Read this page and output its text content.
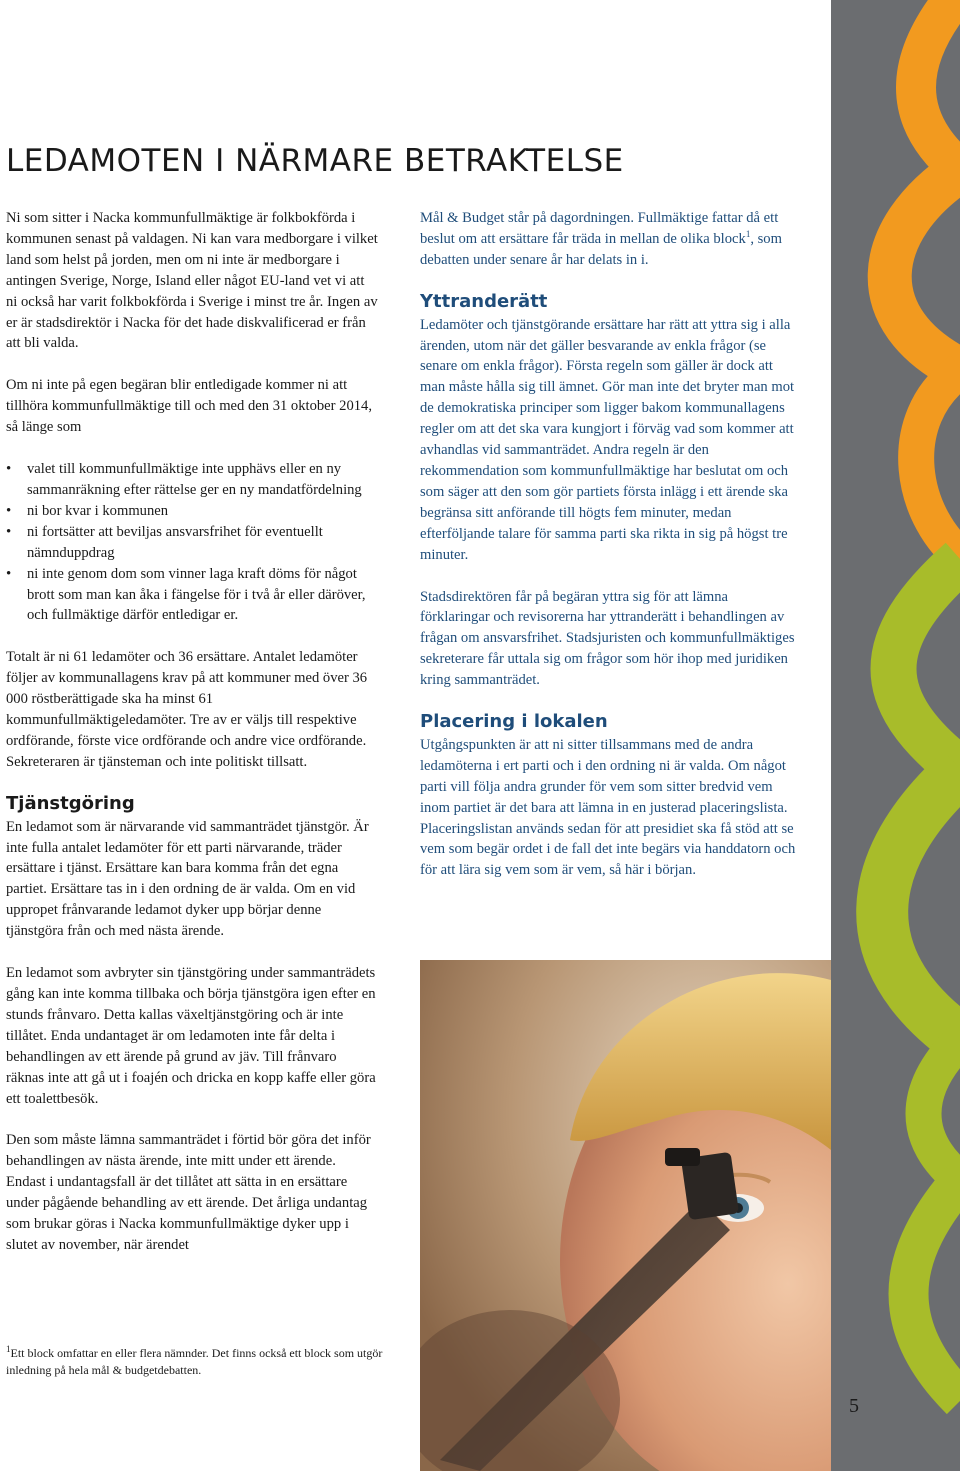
LEDAMOTEN I NÄRMARE BETRAKTELSE

Ni som sitter i Nacka kommunfullmäktige är folkbokförda i kommunen senast på valdagen. Ni kan vara medborgare i vilket land som helst på jorden, men om ni inte är medborgare i antingen Sverige, Norge, Island eller något EU-land vet vi att ni också har varit folkbokförda i Sverige i minst tre år. Ingen av er är stadsdirektör i Nacka för det hade diskvalificerad er från att bli valda.

Om ni inte på egen begäran blir entledigade kommer ni att tillhöra kommunfullmäktige till och med den 31 oktober 2014, så länge som

• valet till kommunfullmäktige inte upphävs eller en ny sammanräkning efter rättelse ger en ny mandatfördelning
• ni bor kvar i kommunen
• ni fortsätter att beviljas ansvarsfrihet för eventuellt nämnduppdrag
• ni inte genom dom som vinner laga kraft döms för något brott som man kan åka i fängelse för i två år eller däröver, och fullmäktige därför entledigar er.

Totalt är ni 61 ledamöter och 36 ersättare. Antalet ledamöter följer av kommunallagens krav på att kommuner med över 36 000 röstberättigade ska ha minst 61 kommunfullmäktigeledamöter. Tre av er väljs till respektive ordförande, förste vice ordförande och andre vice ordförande. Sekreteraren är tjänsteman och inte politiskt tillsatt.

Tjänstgöring

En ledamot som är närvarande vid sammanträdet tjänstgör. Är inte fulla antalet ledamöter för ett parti närvarande, träder ersättare i tjänst. Ersättare kan bara komma från det egna partiet. Ersättare tas in i den ordning de är valda. Om en vid uppropet frånvarande ledamot dyker upp börjar denne tjänstgöra från och med nästa ärende.

En ledamot som avbryter sin tjänstgöring under sammanträdets gång kan inte komma tillbaka och börja tjänstgöra igen efter en stunds frånvaro. Detta kallas växeltjänstgöring och är inte tillåtet. Enda undantaget är om ledamoten inte får delta i behandlingen av ett ärende på grund av jäv. Till frånvaro räknas inte att gå ut i foajén och dricka en kopp kaffe eller göra ett toalettbesök.

Den som måste lämna sammanträdet i förtid bör göra det inför behandlingen av nästa ärende, inte mitt under ett ärende. Endast i undantagsfall är det tillåtet att sätta in en ersättare under pågående behandling av ett ärende. Det årliga undantag som brukar göras i Nacka kommunfullmäktige dyker upp i slutet av november, när ärendet

$^1$Ett block omfattar en eller flera nämnder. Det finns också ett block som utgör inledning på hela mål & budgetdebatten.

Mål & Budget står på dagordningen. Fullmäktige fattar då ett beslut om att ersättare får träda in mellan de olika block$^1$, som debatten under senare år har delats in i.

Yttranderätt

Ledamöter och tjänstgörande ersättare har rätt att yttra sig i alla ärenden, utom när det gäller besvarande av enkla frågor (se senare om enkla frågor). Första regeln som gäller är dock att man måste hålla sig till ämnet. Gör man inte det bryter man mot de demokratiska principer som ligger bakom kommunallagens regler om att det ska vara kungjort i förväg vad som kommer att avhandlas vid sammanträdet. Andra regeln är den rekommendation som kommunfullmäktige har beslutat om och som säger att den som gör partiets första inlägg i ett ärende ska begränsa sitt anförande till högts fem minuter, medan efterföljande talare för samma parti ska rikta in sig på högst tre minuter.

Stadsdirektören får på begäran yttra sig för att lämna förklaringar och revisorerna har yttranderätt i behandlingen av frågan om ansvarsfrihet. Stadsjuristen och kommunfullmäktiges sekreterare får uttala sig om frågor som hör ihop med juridiken kring sammanträdet.

Placering i lokalen

Utgångspunkten är att ni sitter tillsammans med de andra ledamöterna i ert parti och i den ordning ni är valda. Om något parti vill följa andra grunder för vem som sitter bredvid vem inom partiet är det bara att lämna in en justerad placeringslista. Placeringslistan används sedan för att presidiet ska få stöd att se vem som begär ordet i de fall det inte begärs via handdatorn och för att lära sig vem som är vem, så här i början.

5
